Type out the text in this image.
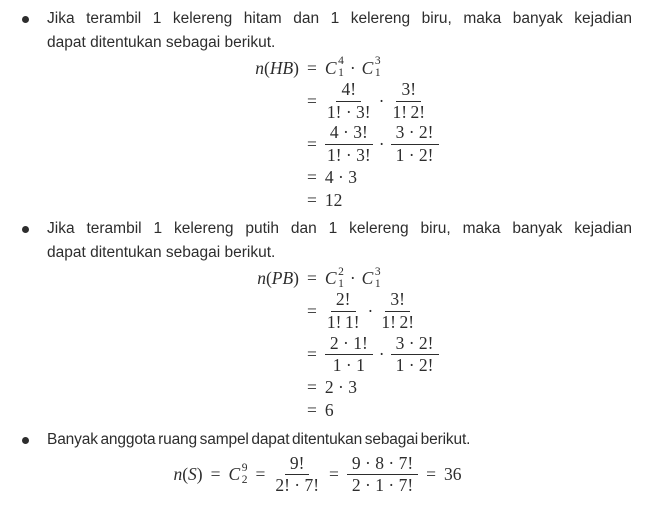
Jika terambil 1 kelereng hitam dan 1 kelereng biru, maka banyak kejadian
dapat ditentukan sebagai berikut.
n ( HB ) = C 4
1 · C 3
1
= $\frac{4!}{1! \cdot 3!} \cdot \frac{3!}{1! 2!}$
= $\frac{4 \cdot 3!}{1! \cdot 3!} \cdot \frac{3 \cdot 2!}{1 \cdot 2!}$
= 4 · 3
= 12
Jika terambil 1 kelereng putih dan 1 kelereng biru, maka banyak kejadian
dapat ditentukan sebagai berikut.
n ( PB ) = C 2
1 · C 3
1
= $\frac{2!}{1! 1!} \cdot \frac{3!}{1! 2!}$
= $\frac{2 \cdot 1!}{1 \cdot 1} \cdot \frac{3 \cdot 2!}{1 \cdot 2!}$
= 2 · 3
= 6
Banyak anggota ruang sampel dapat ditentukan sebagai berikut.
n ( S ) = C 9
$2 = \frac{9!}{2! \cdot 7!} = \frac{9 \cdot 8 \cdot 7!}{2 \cdot 1 \cdot 7!} = 36$
